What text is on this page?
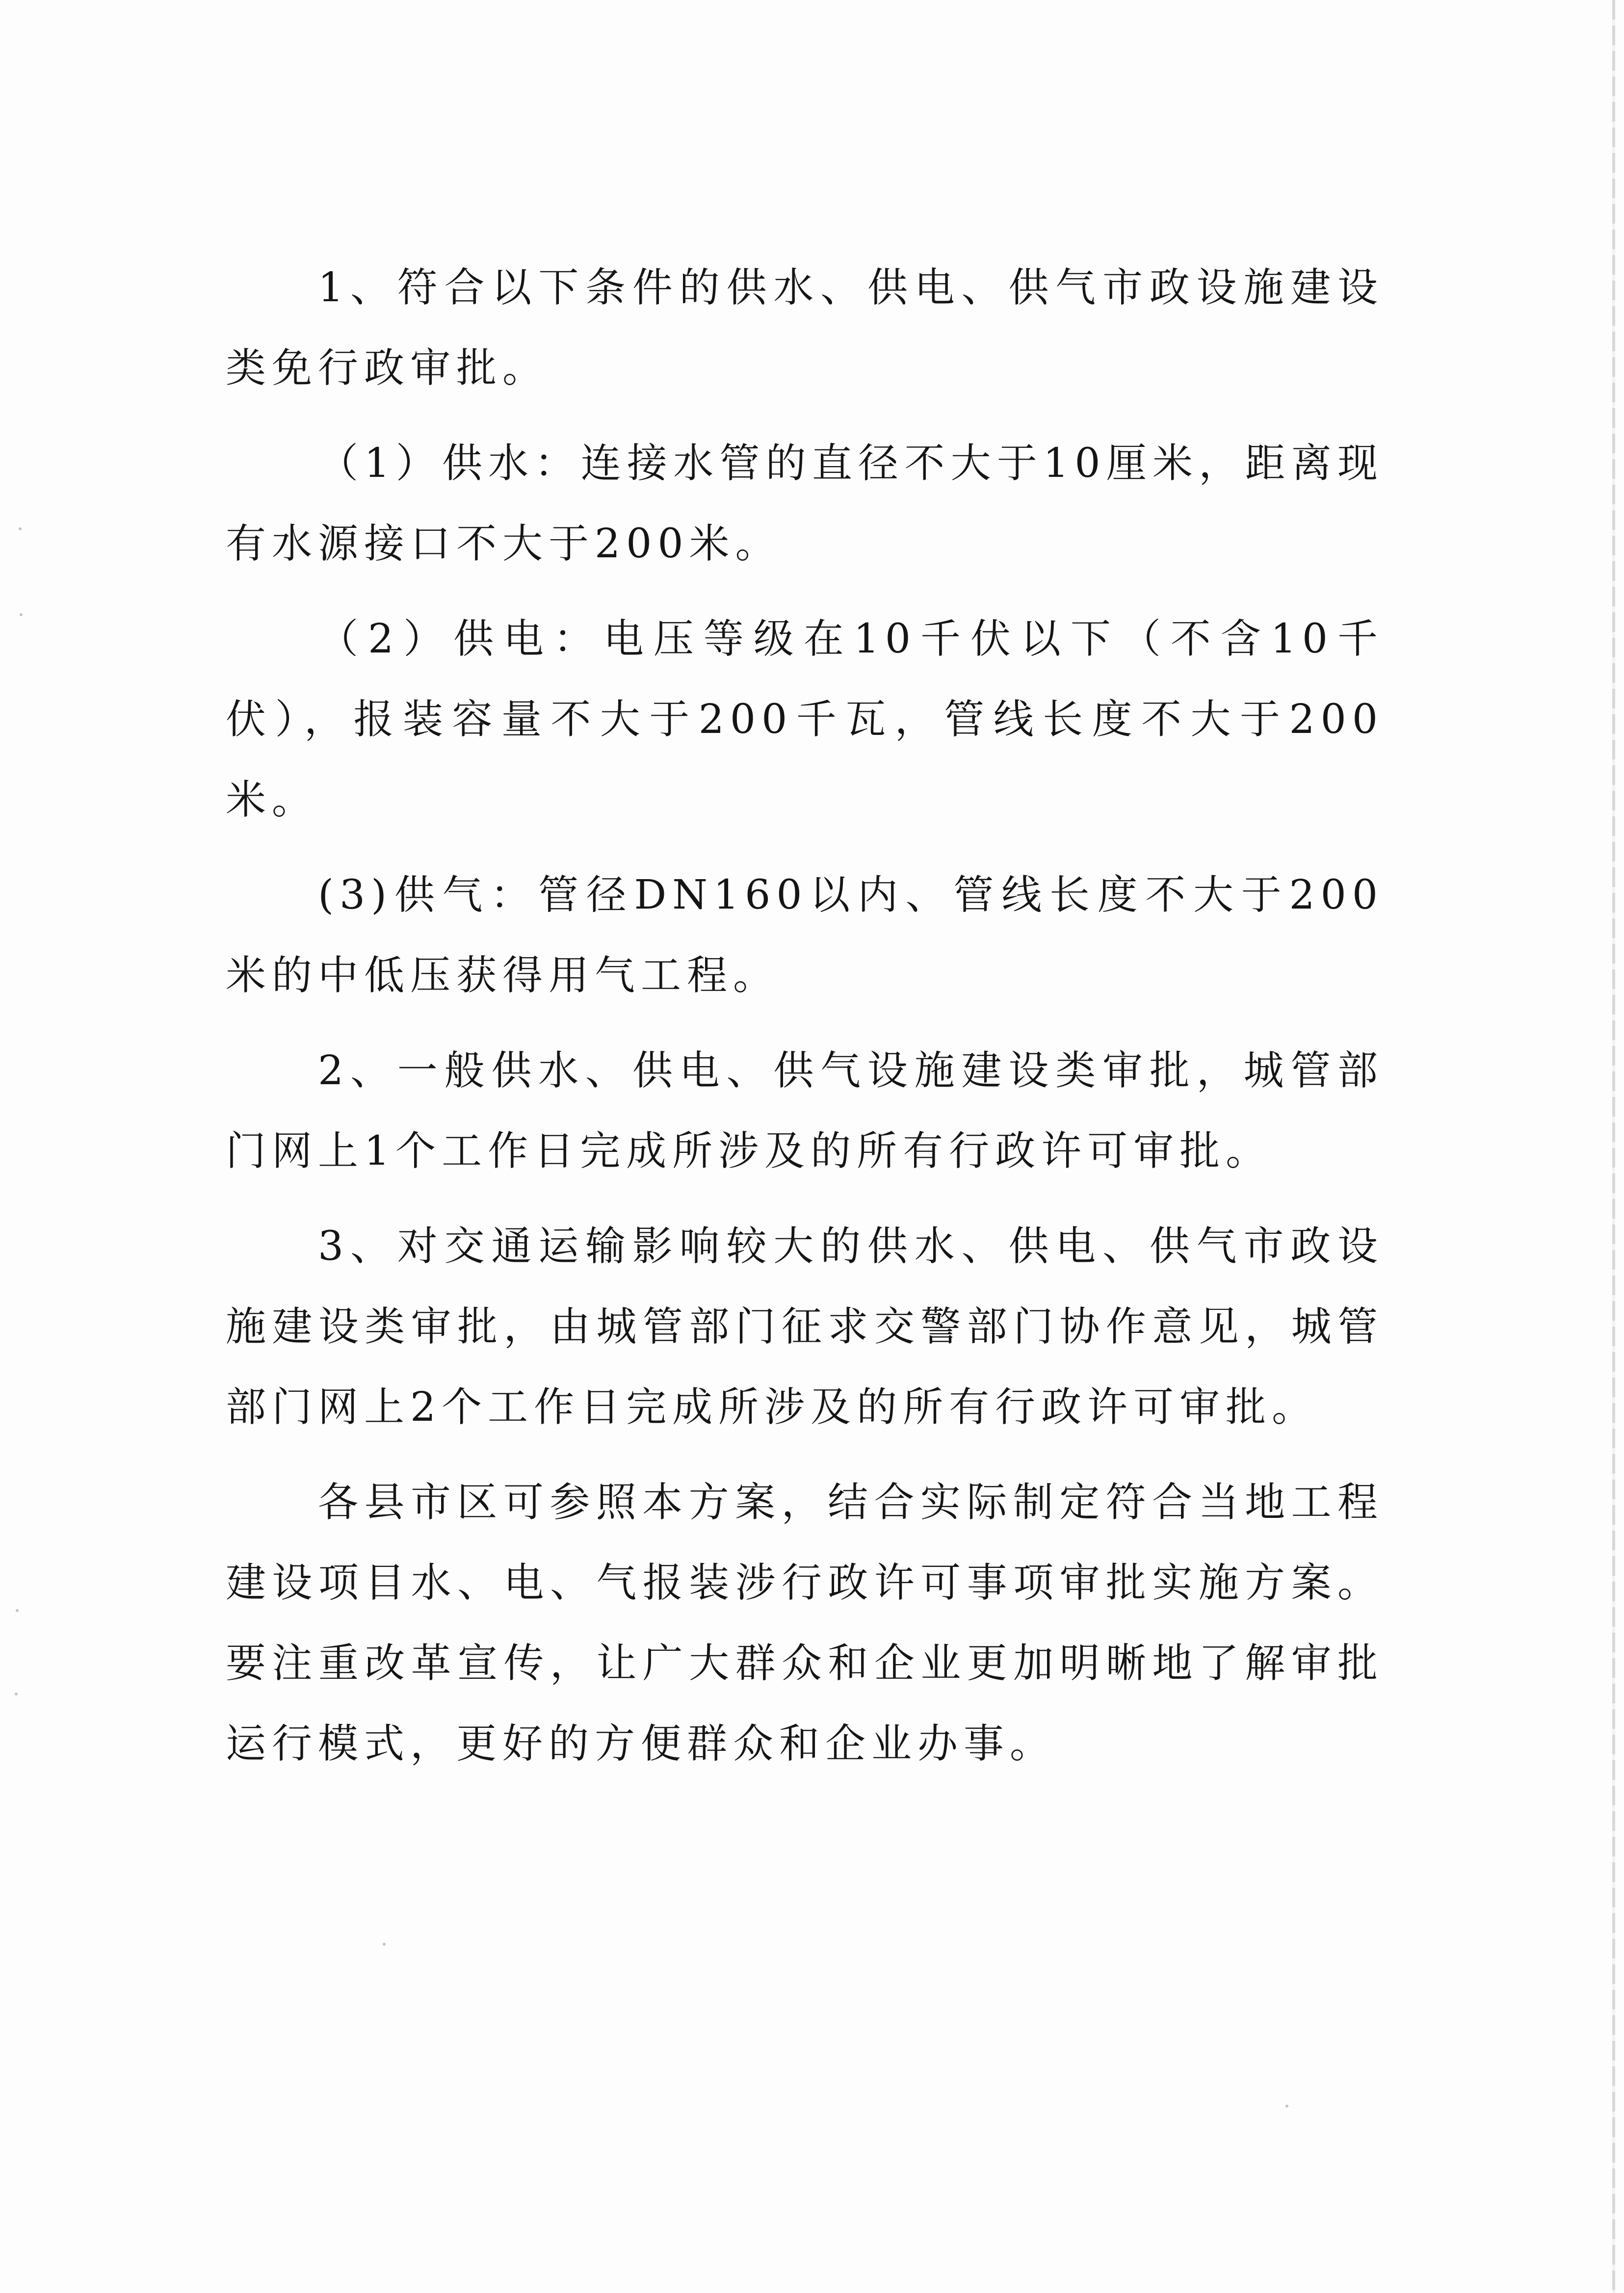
1、符合以下条件的供水、供电、供气市政设施建设类免行政审批。

（1）供水：连接水管的直径不大于10厘米，距离现有水源接口不大于200米。

（2）供电：电压等级在10千伏以下（不含10千伏），报装容量不大于200千瓦，管线长度不大于200米。

(3)供气：管径DN160以内、管线长度不大于200米的中低压获得用气工程。

2、一般供水、供电、供气设施建设类审批，城管部门网上1个工作日完成所涉及的所有行政许可审批。

3、对交通运输影响较大的供水、供电、供气市政设施建设类审批，由城管部门征求交警部门协作意见，城管部门网上2个工作日完成所涉及的所有行政许可审批。

各县市区可参照本方案，结合实际制定符合当地工程建设项目水、电、气报装涉行政许可事项审批实施方案。要注重改革宣传，让广大群众和企业更加明晰地了解审批运行模式，更好的方便群众和企业办事。
